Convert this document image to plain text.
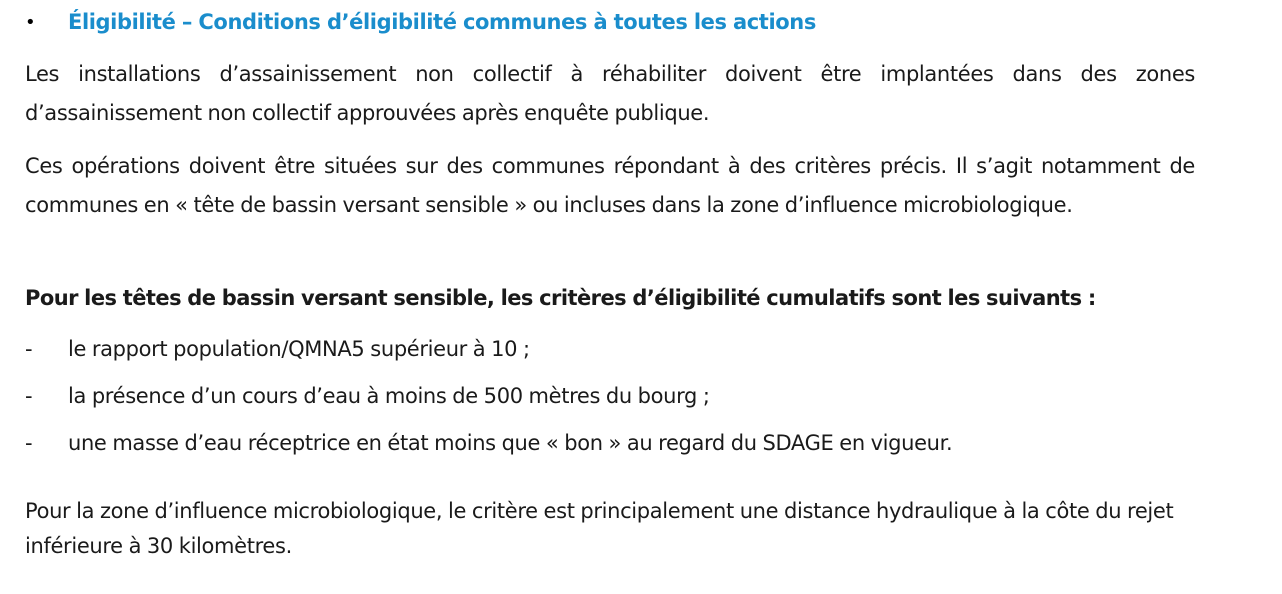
•	Éligibilité – Conditions d’éligibilité communes à toutes les actions

Les installations d’assainissement non collectif à réhabiliter doivent être implantées dans des zones d’assainissement non collectif approuvées après enquête publique.

Ces opérations doivent être situées sur des communes répondant à des critères précis. Il s’agit notamment de communes en « tête de bassin versant sensible » ou incluses dans la zone d’influence microbiologique.

Pour les têtes de bassin versant sensible, les critères d’éligibilité cumulatifs sont les suivants :

-	le rapport population/QMNA5 supérieur à 10 ;
-	la présence d’un cours d’eau à moins de 500 mètres du bourg ;
-	une masse d’eau réceptrice en état moins que « bon » au regard du SDAGE en vigueur.

Pour la zone d’influence microbiologique, le critère est principalement une distance hydraulique à la côte du rejet inférieure à 30 kilomètres.
